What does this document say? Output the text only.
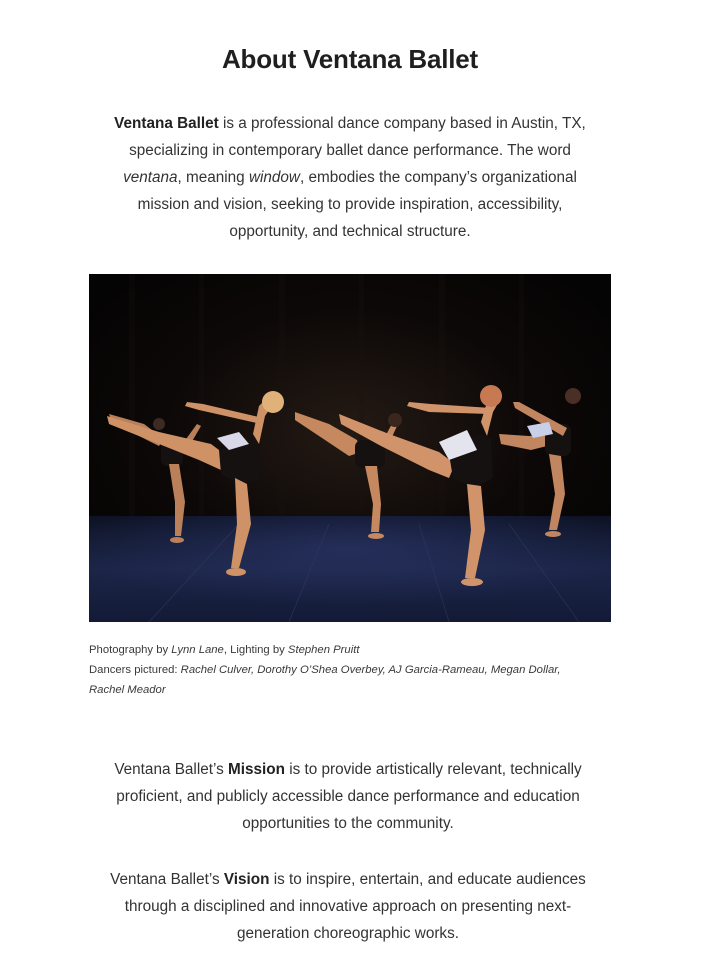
About Ventana Ballet

Ventana Ballet is a professional dance company based in Austin, TX, specializing in contemporary ballet dance performance. The word ventana, meaning window, embodies the company’s organizational mission and vision, seeking to provide inspiration, accessibility, opportunity, and technical structure.

Photography by Lynn Lane, Lighting by Stephen Pruitt

Dancers pictured: Rachel Culver, Dorothy O’Shea Overbey, AJ Garcia-Rameau, Megan Dollar, Rachel Meador

Ventana Ballet’s Mission is to provide artistically relevant, technically proficient, and publicly accessible dance performance and education opportunities to the community.

Ventana Ballet’s Vision is to inspire, entertain, and educate audiences through a disciplined and innovative approach on presenting next-generation choreographic works.
